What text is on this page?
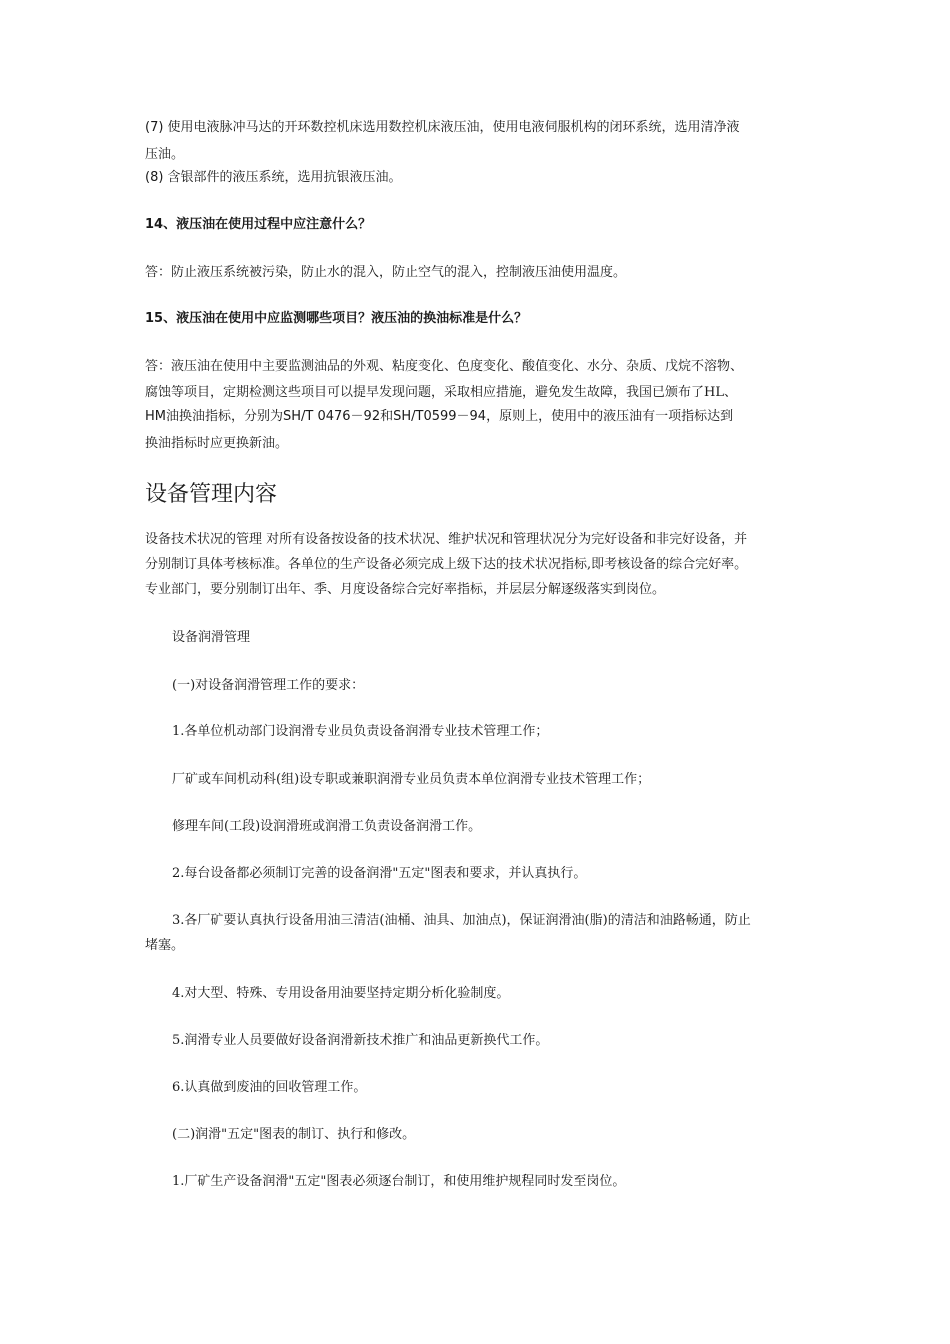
(7) 使用电液脉冲马达的开环数控机床选用数控机床液压油，使用电液伺服机构的闭环系统，选用清净液
压油。
(8) 含银部件的液压系统，选用抗银液压油。
14、液压油在使用过程中应注意什么？
答：防止液压系统被污染，防止水的混入，防止空气的混入，控制液压油使用温度。
15、液压油在使用中应监测哪些项目？液压油的换油标准是什么？
答：液压油在使用中主要监测油品的外观、粘度变化、色度变化、酸值变化、水分、杂质、戊烷不溶物、
腐蚀等项目，定期检测这些项目可以提早发现问题，采取相应措施，避免发生故障，我国已颁布了HL、
HM油换油指标，分别为SH/T 0476－92和SH/T0599－94，原则上，使用中的液压油有一项指标达到
换油指标时应更换新油。
设备管理内容
设备技术状况的管理 对所有设备按设备的技术状况、维护状况和管理状况分为完好设备和非完好设备，并
分别制订具体考核标准。各单位的生产设备必须完成上级下达的技术状况指标,即考核设备的综合完好率。
专业部门，要分别制订出年、季、月度设备综合完好率指标，并层层分解逐级落实到岗位。
设备润滑管理
(一)对设备润滑管理工作的要求：
1.各单位机动部门设润滑专业员负责设备润滑专业技术管理工作；
厂矿或车间机动科(组)设专职或兼职润滑专业员负责本单位润滑专业技术管理工作；
修理车间(工段)设润滑班或润滑工负责设备润滑工作。
2.每台设备都必须制订完善的设备润滑"五定"图表和要求，并认真执行。
3.各厂矿要认真执行设备用油三清洁(油桶、油具、加油点)，保证润滑油(脂)的清洁和油路畅通，防止
堵塞。
4.对大型、特殊、专用设备用油要坚持定期分析化验制度。
5.润滑专业人员要做好设备润滑新技术推广和油品更新换代工作。
6.认真做到废油的回收管理工作。
(二)润滑"五定"图表的制订、执行和修改。
1.厂矿生产设备润滑"五定"图表必须逐台制订，和使用维护规程同时发至岗位。
